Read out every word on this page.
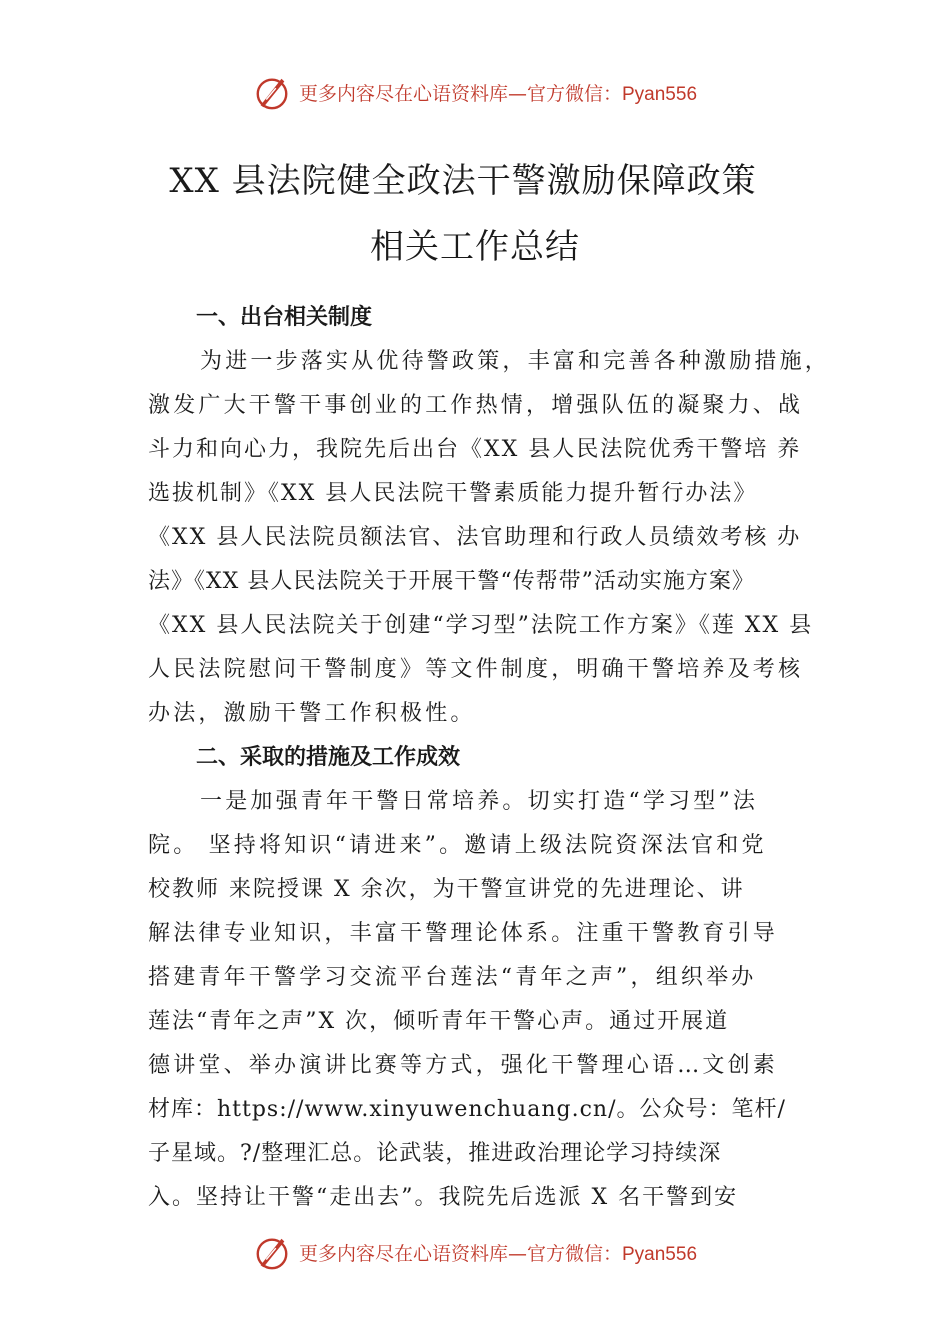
更多内容尽在心语资料库—官方微信：Pyan556
XX 县法院健全政法干警激励保障政策
相关工作总结

一、出台相关制度

为进一步落实从优待警政策，丰富和完善各种激励措施，

激发广大干警干事创业的工作热情，增强队伍的凝聚力、战

斗力和向心力，我院先后出台《XX 县人民法院优秀干警培 养

选拔机制》《XX 县人民法院干警素质能力提升暂行办法》

《XX 县人民法院员额法官、法官助理和行政人员绩效考核 办

法》《XX 县人民法院关于开展干警“传帮带”活动实施方案》

《XX 县人民法院关于创建“学习型”法院工作方案》《莲 XX 县

人民法院慰问干警制度》等文件制度，明确干警培养及考核

办法，激励干警工作积极性。

二、采取的措施及工作成效

一是加强青年干警日常培养。切实打造“学习型”法

院。 坚持将知识“请进来”。邀请上级法院资深法官和党

校教师 来院授课 X 余次，为干警宣讲党的先进理论、讲

解法律专业知识，丰富干警理论体系。注重干警教育引导

搭建青年干警学习交流平台莲法“青年之声”，组织举办

莲法“青年之声”X 次，倾听青年干警心声。通过开展道

德讲堂、举办演讲比赛等方式，强化干警理心语…文创素

材库：https://www.xinyuwenchuang.cn/。公众号：笔杆/

子星域。?/整理汇总。论武装，推进政治理论学习持续深

入。坚持让干警“走出去”。我院先后选派 X 名干警到安

更多内容尽在心语资料库—官方微信：Pyan556
